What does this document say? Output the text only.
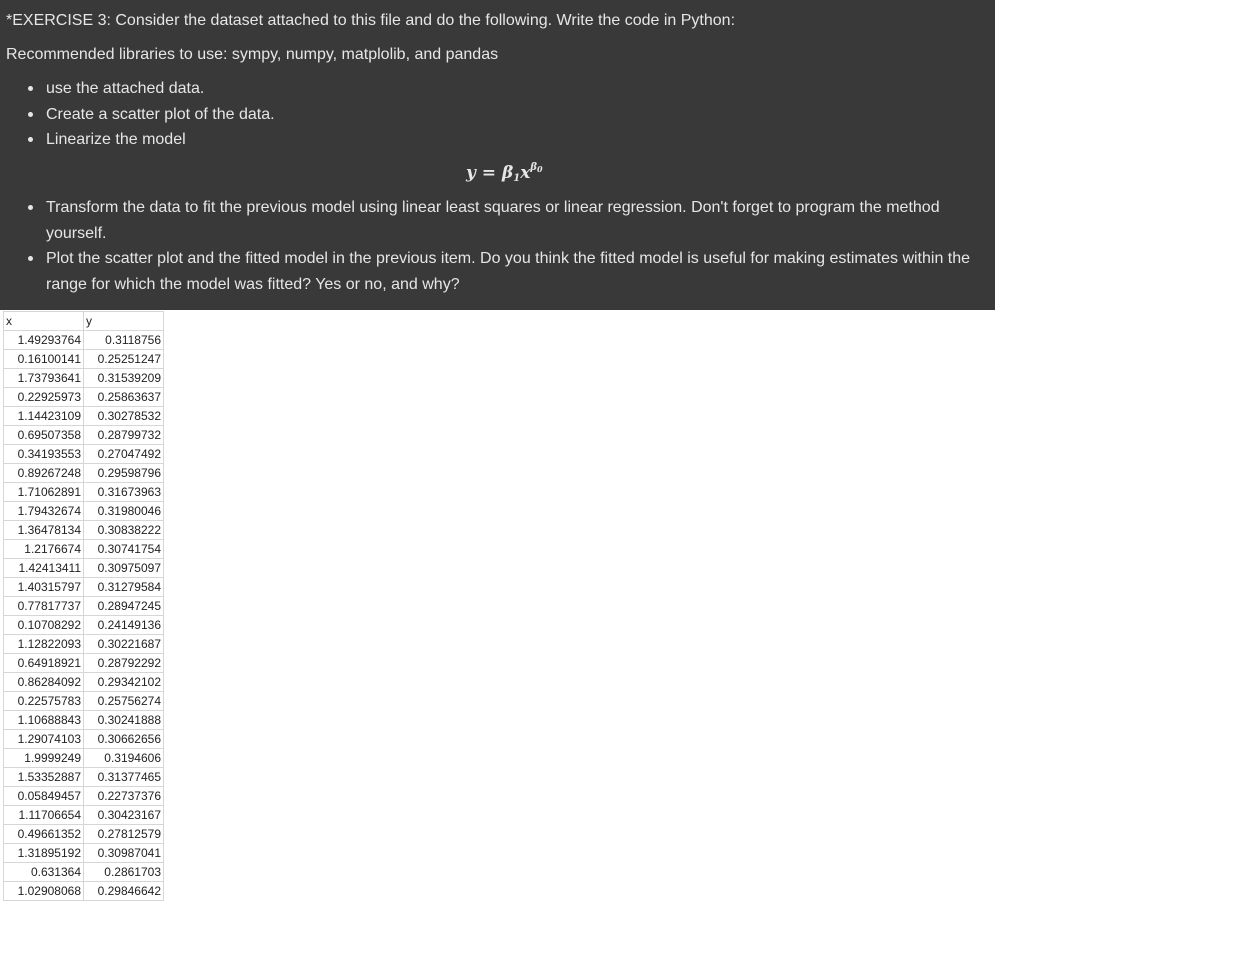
*EXERCISE 3: Consider the dataset attached to this file and do the following. Write the code in Python:
Recommended libraries to use: sympy, numpy, matplolib, and pandas
use the attached data.
Create a scatter plot of the data.
Linearize the model
$y = \beta_1x^{\beta_0}$
Transform the data to fit the previous model using linear least squares or linear regression. Don't forget to program the method yourself.
Plot the scatter plot and the fitted model in the previous item. Do you think the fitted model is useful for making estimates within the range for which the model was fitted? Yes or no, and why?
x	y
1.49293764	0.3118756
0.16100141	0.25251247
1.73793641	0.31539209
0.22925973	0.25863637
1.14423109	0.30278532
0.69507358	0.28799732
0.34193553	0.27047492
0.89267248	0.29598796
1.71062891	0.31673963
1.79432674	0.31980046
1.36478134	0.30838222
1.2176674	0.30741754
1.42413411	0.30975097
1.40315797	0.31279584
0.77817737	0.28947245
0.10708292	0.24149136
1.12822093	0.30221687
0.64918921	0.28792292
0.86284092	0.29342102
0.22575783	0.25756274
1.10688843	0.30241888
1.29074103	0.30662656
1.9999249	0.3194606
1.53352887	0.31377465
0.05849457	0.22737376
1.11706654	0.30423167
0.49661352	0.27812579
1.31895192	0.30987041
0.631364	0.2861703
1.02908068	0.29846642
